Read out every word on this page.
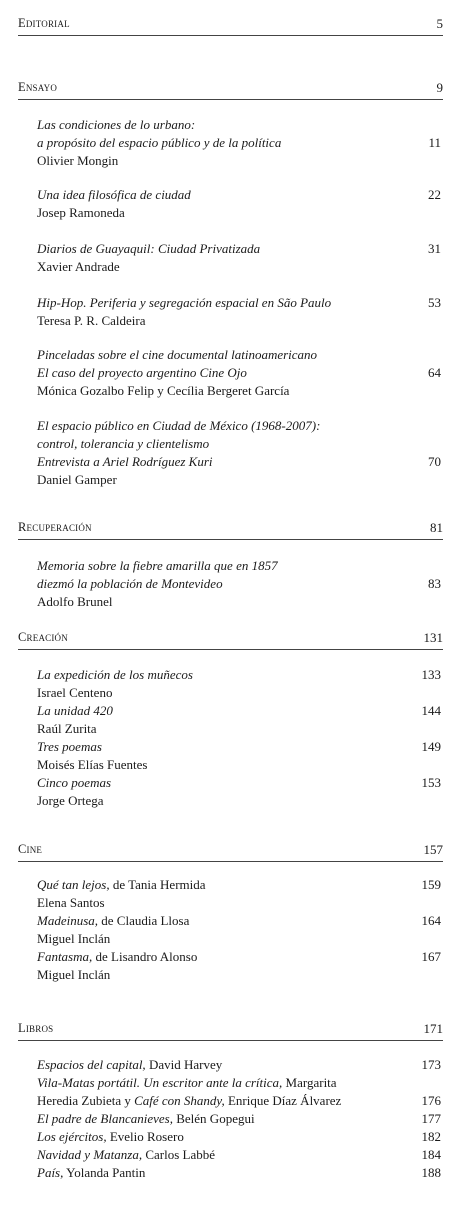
Editorial	5
Ensayo	9
Las condiciones de lo urbano:
a propósito del espacio público y de la política	11
Olivier Mongin
Una idea filosófica de ciudad	22
Josep Ramoneda
Diarios de Guayaquil: Ciudad Privatizada	31
Xavier Andrade
Hip-Hop. Periferia y segregación espacial en São Paulo	53
Teresa P. R. Caldeira
Pinceladas sobre el cine documental latinoamericano
El caso del proyecto argentino Cine Ojo	64
Mónica Gozalbo Felip y Cecília Bergeret García
El espacio público en Ciudad de México (1968-2007):
control, tolerancia y clientelismo
Entrevista a Ariel Rodríguez Kuri	70
Daniel Gamper
Recuperación	81
Memoria sobre la fiebre amarilla que en 1857
diezmó la población de Montevideo	83
Adolfo Brunel
Creación	131
La expedición de los muñecos	133
Israel Centeno
La unidad 420	144
Raúl Zurita
Tres poemas	149
Moisés Elías Fuentes
Cinco poemas	153
Jorge Ortega
Cine	157
Qué tan lejos, de Tania Hermida	159
Elena Santos
Madeinusa, de Claudia Llosa	164
Miguel Inclán
Fantasma, de Lisandro Alonso	167
Miguel Inclán
Libros	171
Espacios del capital, David Harvey	173
Vila-Matas portátil. Un escritor ante la crítica, Margarita
Heredia Zubieta y Café con Shandy, Enrique Díaz Álvarez	176
El padre de Blancanieves, Belén Gopegui	177
Los ejércitos, Evelio Rosero	182
Navidad y Matanza, Carlos Labbé	184
País, Yolanda Pantin	188
